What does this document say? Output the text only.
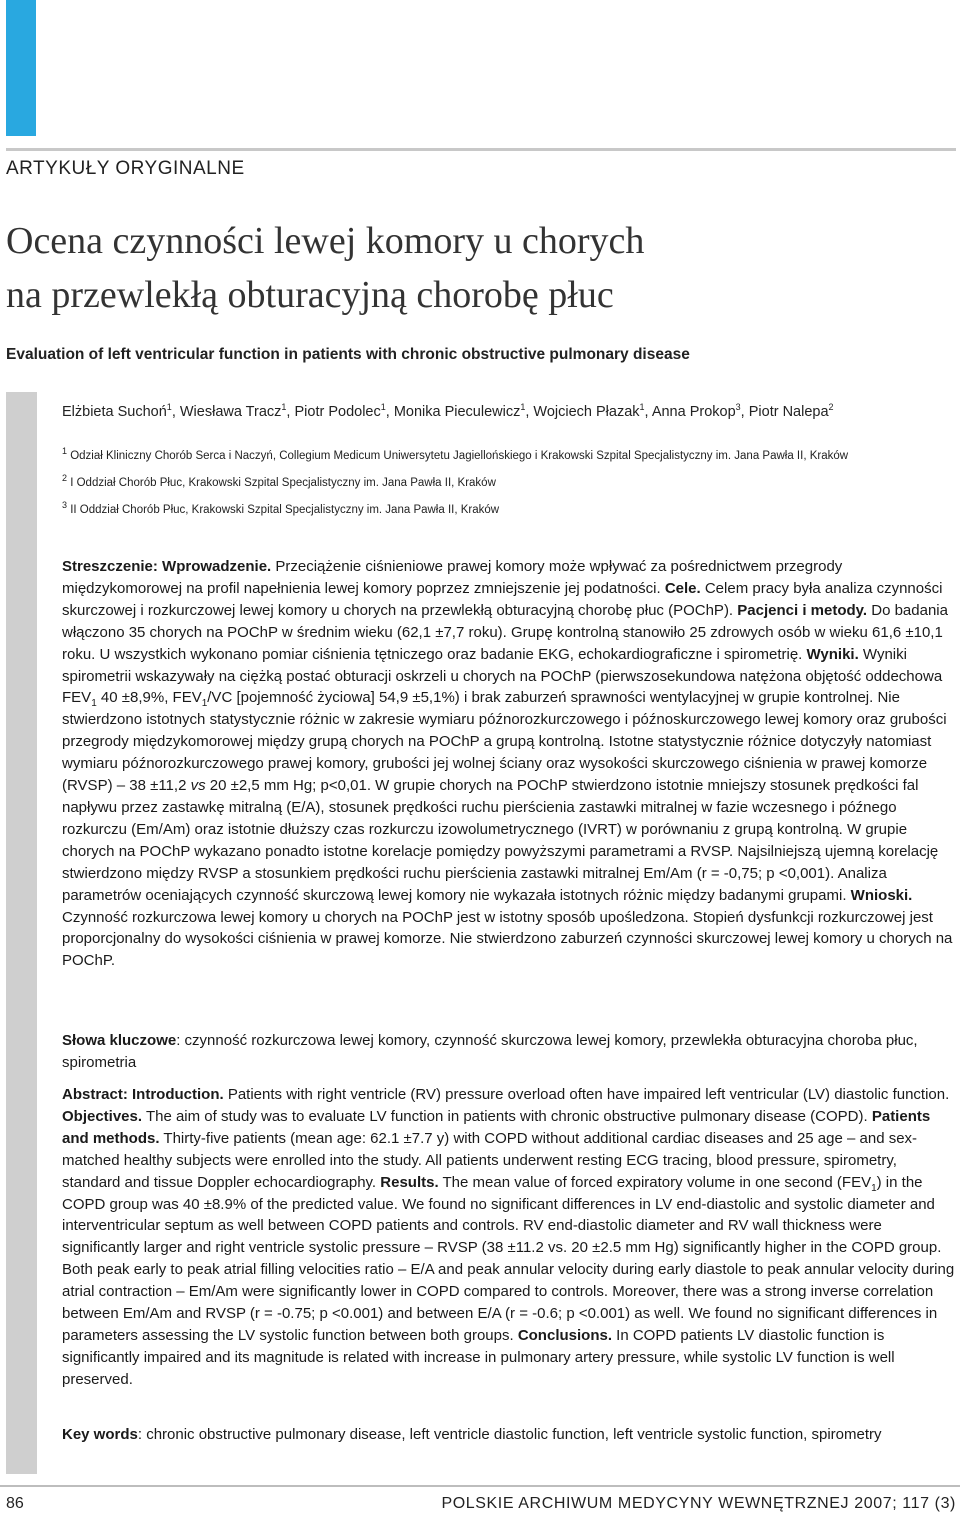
ARTYKUŁY ORYGINALNE
Ocena czynności lewej komory u chorych
na przewlekłą obturacyjną chorobę płuc
Evaluation of left ventricular function in patients with chronic obstructive pulmonary disease
Elżbieta Suchoń$^1$, Wiesława Tracz$^1$, Piotr Podolec$^1$, Monika Pieculewicz$^1$, Wojciech Płazak$^1$, Anna Prokop$^3$, Piotr Nalepa$^2$
$^1$ Odział Kliniczny Chorób Serca i Naczyń, Collegium Medicum Uniwersytetu Jagiellońskiego i Krakowski Szpital Specjalistyczny im. Jana Pawła II, Kraków
$^2$ I Oddział Chorób Płuc, Krakowski Szpital Specjalistyczny im. Jana Pawła II, Kraków
$^3$ II Oddział Chorób Płuc, Krakowski Szpital Specjalistyczny im. Jana Pawła II, Kraków

Streszczenie: Wprowadzenie. Przeciążenie ciśnieniowe prawej komory może wpływać za pośrednictwem przegrody międzykomorowej na profil napełnienia lewej komory poprzez zmniejszenie jej podatności. Cele. Celem pracy była analiza czynności skurczowej i rozkurczowej lewej komory u chorych na przewlekłą obturacyjną chorobę płuc (POChP). Pacjenci i metody. Do badania włączono 35 chorych na POChP w średnim wieku (62,1 ±7,7 roku). Grupę kontrolną stanowiło 25 zdrowych osób w wieku 61,6 ±10,1 roku. U wszystkich wykonano pomiar ciśnienia tętniczego oraz badanie EKG, echokardiograficzne i spirometrię. Wyniki. Wyniki spirometrii wskazywały na ciężką postać obturacji oskrzeli u chorych na POChP (pierwszosekundowa natężona objętość oddechowa $FEV_1$ 40 ±8,9%, $FEV_1/VC$ [pojemność życiowa] 54,9 ±5,1%) i brak zaburzeń sprawności wentylacyjnej w grupie kontrolnej. Nie stwierdzono istotnych statystycznie różnic w zakresie wymiaru późnorozkurczowego i późnoskurczowego lewej komory oraz grubości przegrody międzykomorowej między grupą chorych na POChP a grupą kontrolną. Istotne statystycznie różnice dotyczyły natomiast wymiaru późnorozkurczowego prawej komory, grubości jej wolnej ściany oraz wysokości skurczowego ciśnienia w prawej komorze (RVSP) – 38 ±11,2 vs 20 ±2,5 mm Hg; p<0,01. W grupie chorych na POChP stwierdzono istotnie mniejszy stosunek prędkości fal napływu przez zastawkę mitralną (E/A), stosunek prędkości ruchu pierścienia zastawki mitralnej w fazie wczesnego i późnego rozkurczu (Em/Am) oraz istotnie dłuższy czas rozkurczu izowolumetrycznego (IVRT) w porównaniu z grupą kontrolną. W grupie chorych na POChP wykazano ponadto istotne korelacje pomiędzy powyższymi parametrami a RVSP. Najsilniejszą ujemną korelację stwierdzono między RVSP a stosunkiem prędkości ruchu pierścienia zastawki mitralnej Em/Am (r = -0,75; p <0,001). Analiza parametrów oceniających czynność skurczową lewej komory nie wykazała istotnych różnic między badanymi grupami. Wnioski. Czynność rozkurczowa lewej komory u chorych na POChP jest w istotny sposób upośledzona. Stopień dysfunkcji rozkurczowej jest proporcjonalny do wysokości ciśnienia w prawej komorze. Nie stwierdzono zaburzeń czynności skurczowej lewej komory u chorych na POChP.

Słowa kluczowe: czynność rozkurczowa lewej komory, czynność skurczowa lewej komory, przewlekła obturacyjna choroba płuc, spirometria

Abstract: Introduction. Patients with right ventricle (RV) pressure overload often have impaired left ventricular (LV) diastolic function. Objectives. The aim of study was to evaluate LV function in patients with chronic obstructive pulmonary disease (COPD). Patients and methods. Thirty-five patients (mean age: 62.1 ±7.7 y) with COPD without additional cardiac diseases and 25 age – and sex-matched healthy subjects were enrolled into the study. All patients underwent resting ECG tracing, blood pressure, spirometry, standard and tissue Doppler echocardiography. Results. The mean value of forced expiratory volume in one second $(FEV_1)$ in the COPD group was 40 ±8.9% of the predicted value. We found no significant differences in LV end-diastolic and systolic diameter and interventricular septum as well between COPD patients and controls. RV end-diastolic diameter and RV wall thickness were significantly larger and right ventricle systolic pressure – RVSP (38 ±11.2 vs. 20 ±2.5 mm Hg) significantly higher in the COPD group. Both peak early to peak atrial filling velocities ratio – E/A and peak annular velocity during early diastole to peak annular velocity during atrial contraction – Em/Am were significantly lower in COPD compared to controls. Moreover, there was a strong inverse correlation between Em/Am and RVSP (r = -0.75; p <0.001) and between E/A (r = -0.6; p <0.001) as well. We found no significant differences in parameters assessing the LV systolic function between both groups. Conclusions. In COPD patients LV diastolic function is significantly impaired and its magnitude is related with increase in pulmonary artery pressure, while systolic LV function is well preserved.

Key words: chronic obstructive pulmonary disease, left ventricle diastolic function, left ventricle systolic function, spirometry

86	POLSKIE ARCHIWUM MEDYCYNY WEWNĘTRZNEJ 2007; 117 (3)
